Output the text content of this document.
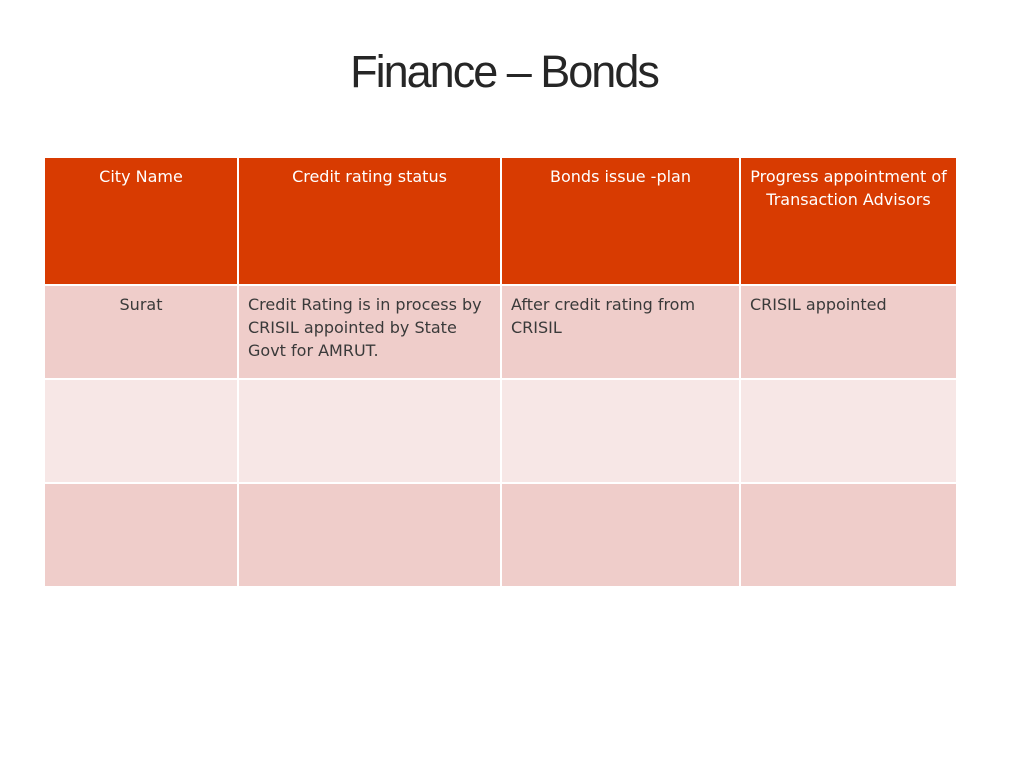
Finance – Bonds
City Name	Credit rating status	Bonds issue -plan	Progress appointment of Transaction Advisors
Surat	Credit Rating is in process by CRISIL appointed by State Govt for AMRUT.	After credit rating from CRISIL	CRISIL appointed
